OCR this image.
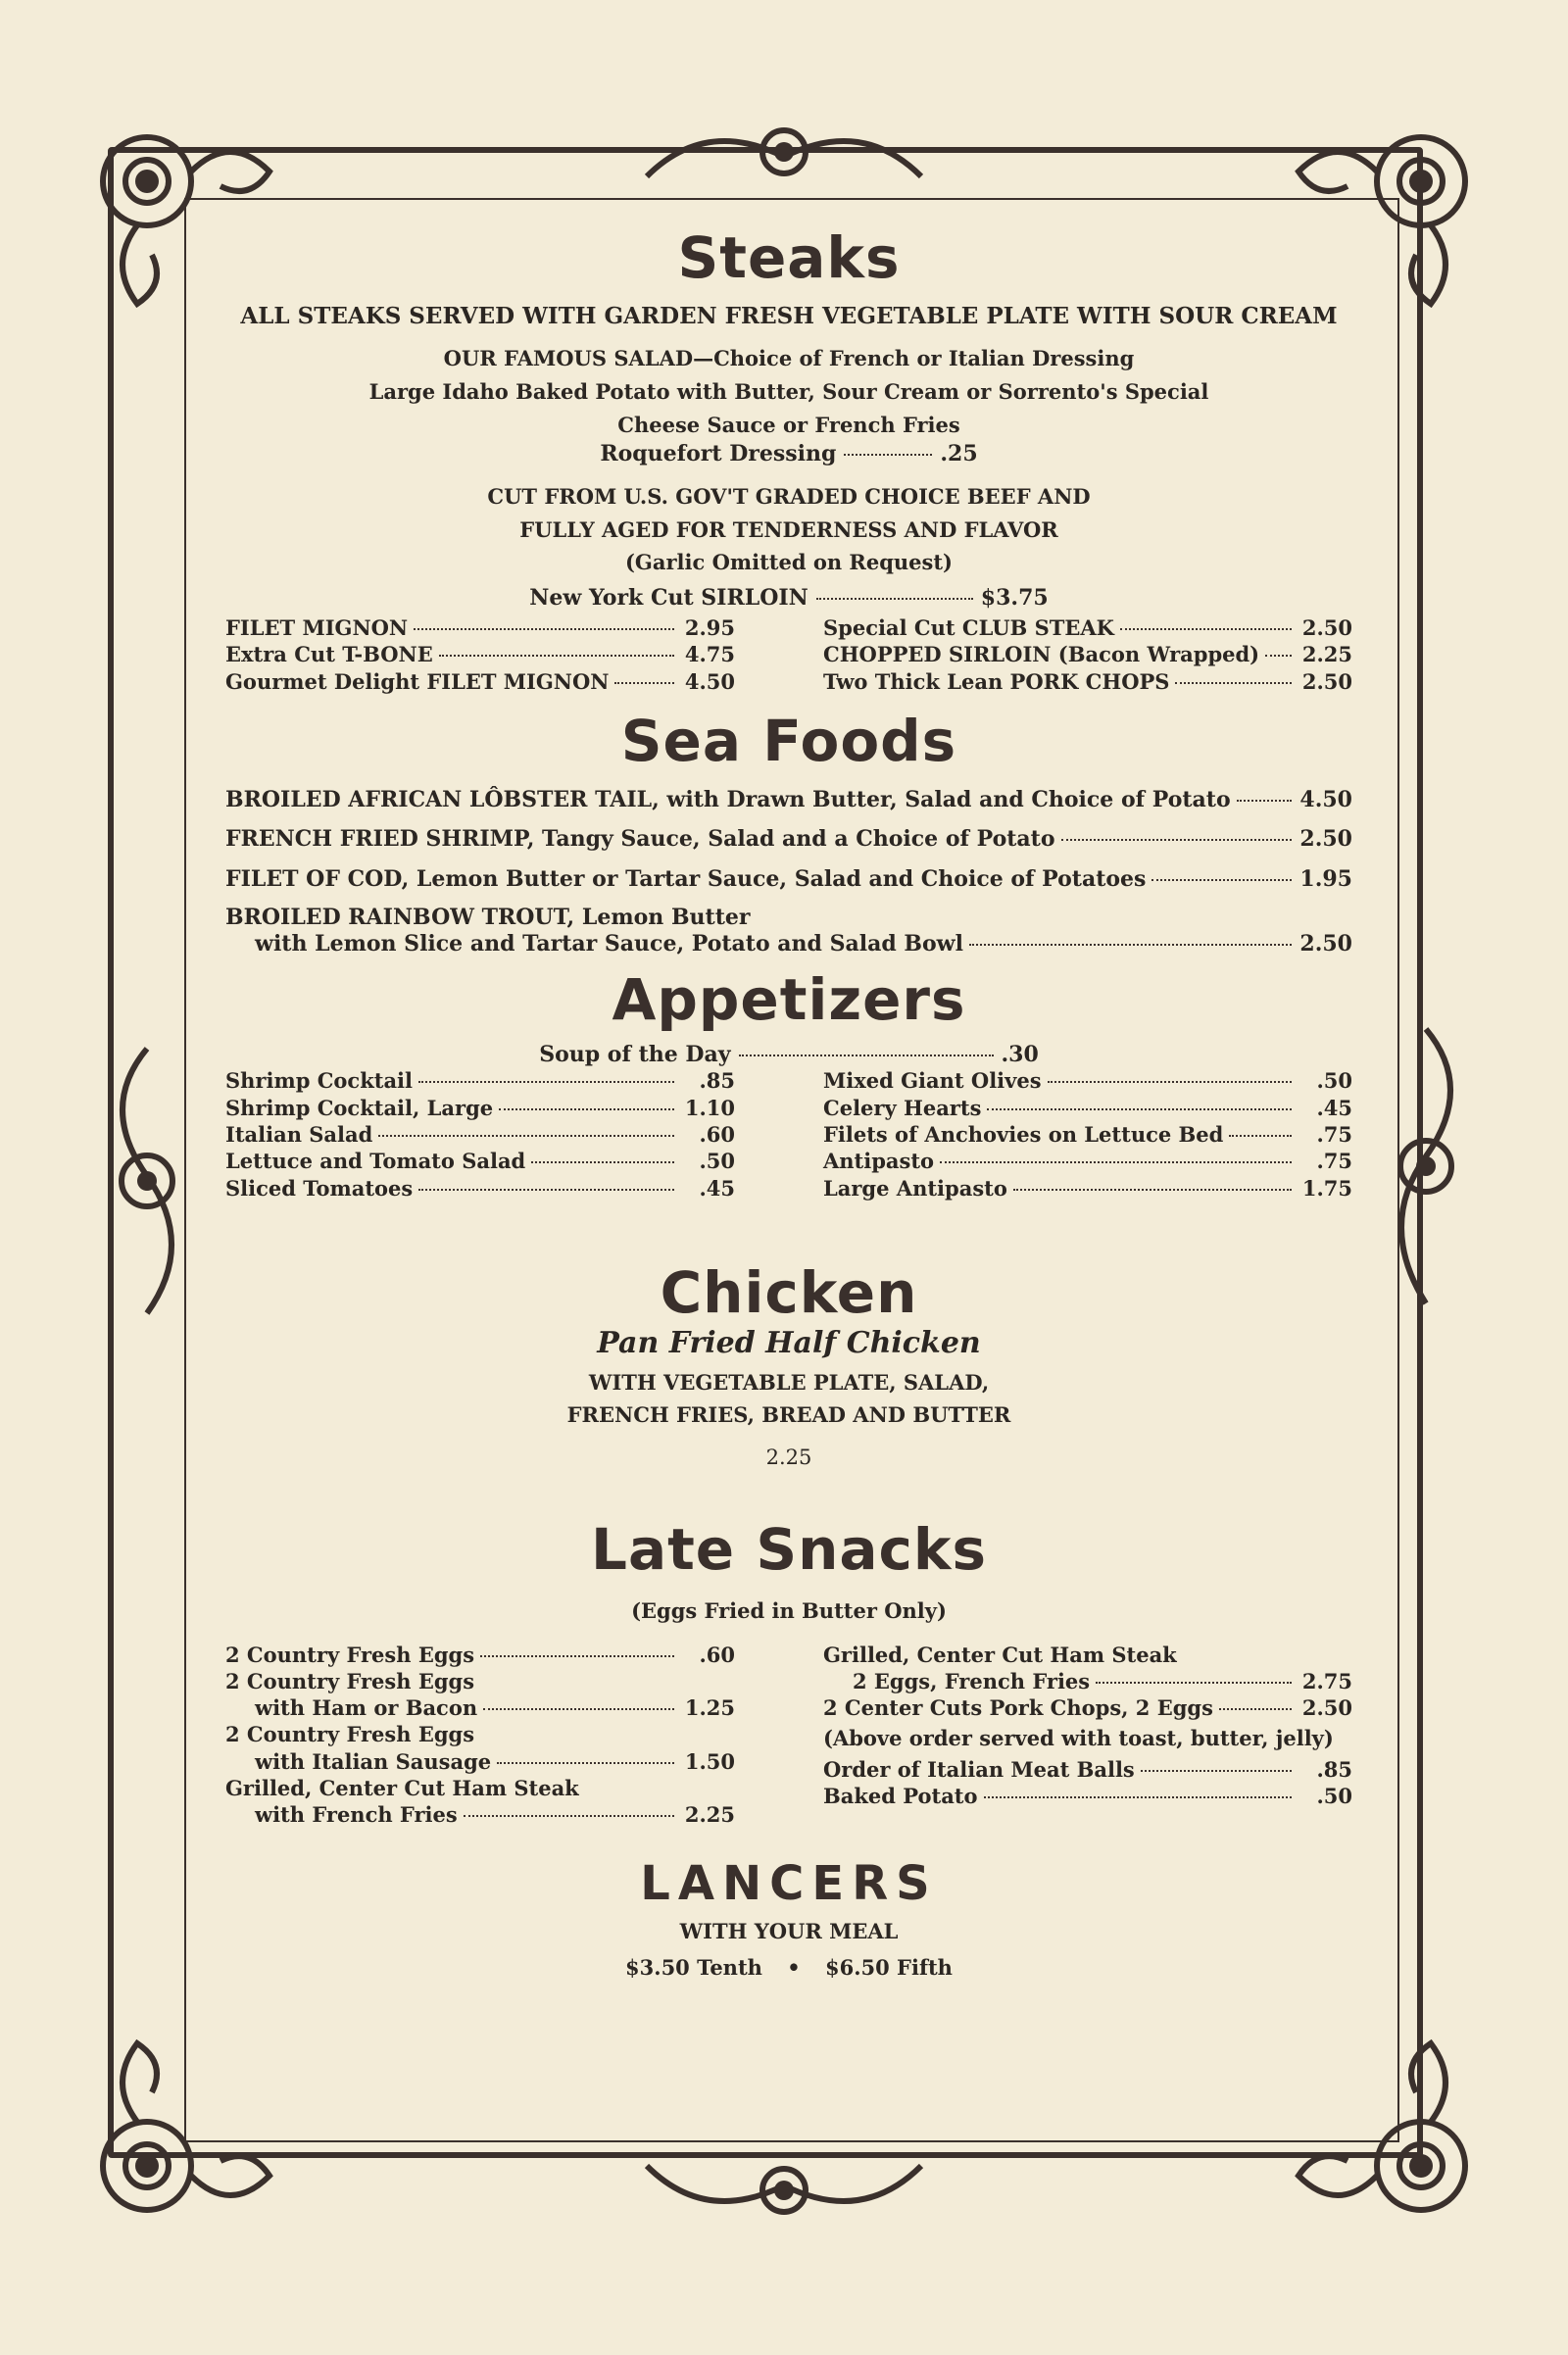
Steaks
ALL STEAKS SERVED WITH GARDEN FRESH VEGETABLE PLATE WITH SOUR CREAM
OUR FAMOUS SALAD—Choice of French or Italian Dressing
Large Idaho Baked Potato with Butter, Sour Cream or Sorrento's Special
Cheese Sauce or French Fries
Roquefort Dressing	.25
CUT FROM U.S. GOV'T GRADED CHOICE BEEF AND
FULLY AGED FOR TENDERNESS AND FLAVOR
(Garlic Omitted on Request)
New York Cut SIRLOIN	$3.75
FILET MIGNON	2.95
Extra Cut T-BONE	4.75
Gourmet Delight FILET MIGNON	4.50
Special Cut CLUB STEAK	2.50
CHOPPED SIRLOIN (Bacon Wrapped) 2.25
Two Thick Lean PORK CHOPS	2.50
Sea Foods
BROILED AFRICAN LÔBSTER TAIL, with Drawn Butter, Salad and Choice of Potato	4.50
FRENCH FRIED SHRIMP, Tangy Sauce, Salad and a Choice of Potato	2.50
FILET OF COD, Lemon Butter or Tartar Sauce, Salad and Choice of Potatoes	1.95
BROILED RAINBOW TROUT, Lemon Butter
with Lemon Slice and Tartar Sauce, Potato and Salad Bowl	2.50
Appetizers
Soup of the Day	.30
Shrimp Cocktail	.85
Shrimp Cocktail, Large	1.10
Italian Salad	.60
Lettuce and Tomato Salad	.50
Sliced Tomatoes	.45
Mixed Giant Olives	.50
Celery Hearts	.45
Filets of Anchovies on Lettuce Bed	.75
Antipasto	.75
Large Antipasto	1.75
Chicken
Pan Fried Half Chicken
WITH VEGETABLE PLATE, SALAD,
FRENCH FRIES, BREAD AND BUTTER
2.25
Late Snacks
(Eggs Fried in Butter Only)
2 Country Fresh Eggs	.60
2 Country Fresh Eggs
with Ham or Bacon	1.25
2 Country Fresh Eggs
with Italian Sausage	1.50
Grilled, Center Cut Ham Steak
with French Fries	2.25
Grilled, Center Cut Ham Steak
2 Eggs, French Fries	2.75
2 Center Cuts Pork Chops, 2 Eggs	2.50
(Above order served with toast, butter, jelly)
Order of Italian Meat Balls	.85
Baked Potato	.50
LANCERS
WITH YOUR MEAL
$3.50 Tenth • $6.50 Fifth
